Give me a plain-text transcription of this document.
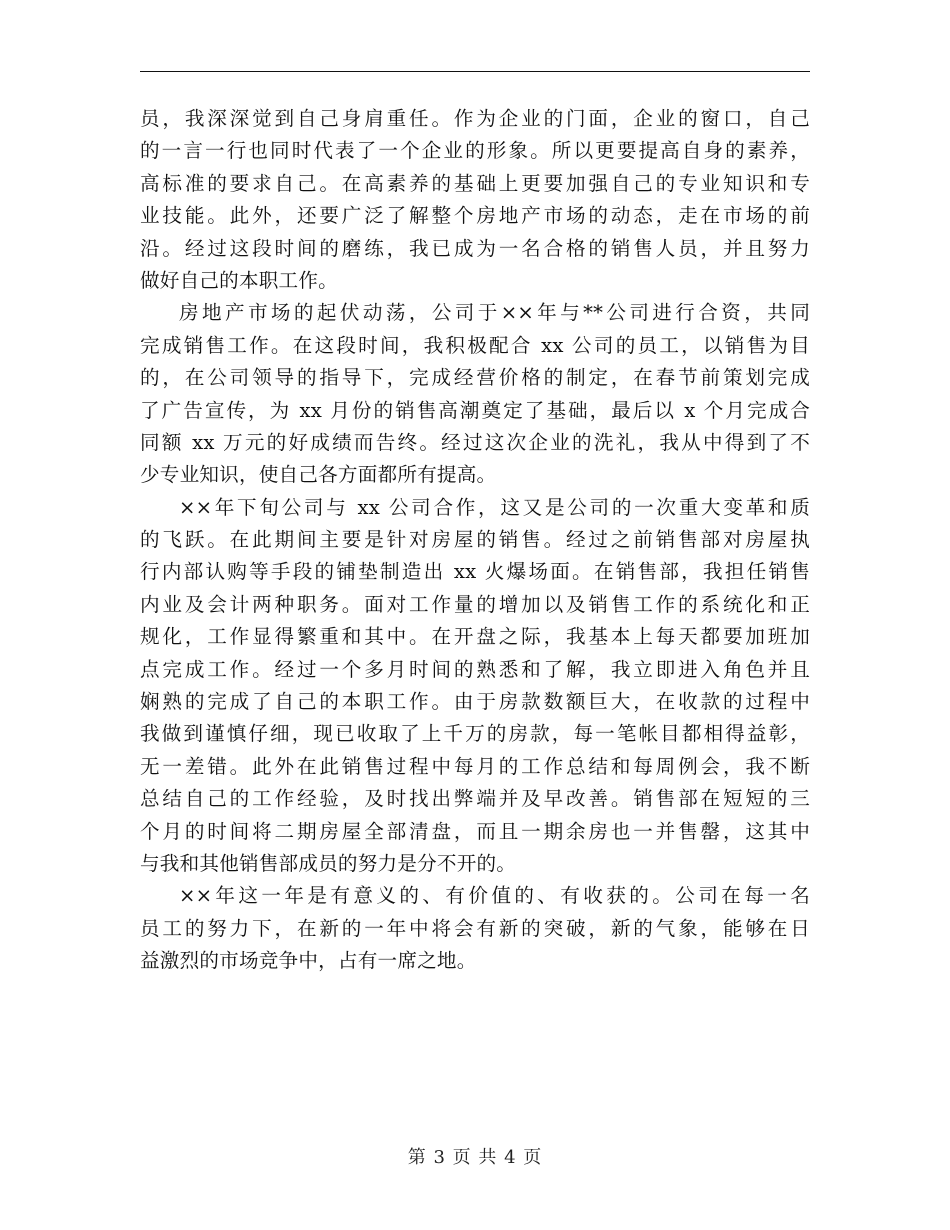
员，我深深觉到自己身肩重任。作为企业的门面，企业的窗口，自己
的一言一行也同时代表了一个企业的形象。所以更要提高自身的素养，
高标准的要求自己。在高素养的基础上更要加强自己的专业知识和专
业技能。此外，还要广泛了解整个房地产市场的动态，走在市场的前
沿。经过这段时间的磨练，我已成为一名合格的销售人员，并且努力
做好自己的本职工作。
房地产市场的起伏动荡，公司于××年与**公司进行合资，共同
完成销售工作。在这段时间，我积极配合 xx 公司的员工，以销售为目
的，在公司领导的指导下，完成经营价格的制定，在春节前策划完成
了广告宣传，为 xx 月份的销售高潮奠定了基础，最后以 x 个月完成合
同额 xx 万元的好成绩而告终。经过这次企业的洗礼，我从中得到了不
少专业知识，使自己各方面都所有提高。
××年下旬公司与 xx 公司合作，这又是公司的一次重大变革和质
的飞跃。在此期间主要是针对房屋的销售。经过之前销售部对房屋执
行内部认购等手段的铺垫制造出 xx 火爆场面。在销售部，我担任销售
内业及会计两种职务。面对工作量的增加以及销售工作的系统化和正
规化，工作显得繁重和其中。在开盘之际，我基本上每天都要加班加
点完成工作。经过一个多月时间的熟悉和了解，我立即进入角色并且
娴熟的完成了自己的本职工作。由于房款数额巨大，在收款的过程中
我做到谨慎仔细，现已收取了上千万的房款，每一笔帐目都相得益彰，
无一差错。此外在此销售过程中每月的工作总结和每周例会，我不断
总结自己的工作经验，及时找出弊端并及早改善。销售部在短短的三
个月的时间将二期房屋全部清盘，而且一期余房也一并售罄，这其中
与我和其他销售部成员的努力是分不开的。
××年这一年是有意义的、有价值的、有收获的。公司在每一名
员工的努力下，在新的一年中将会有新的突破，新的气象，能够在日
益激烈的市场竞争中，占有一席之地。
第 3 页 共 4 页
